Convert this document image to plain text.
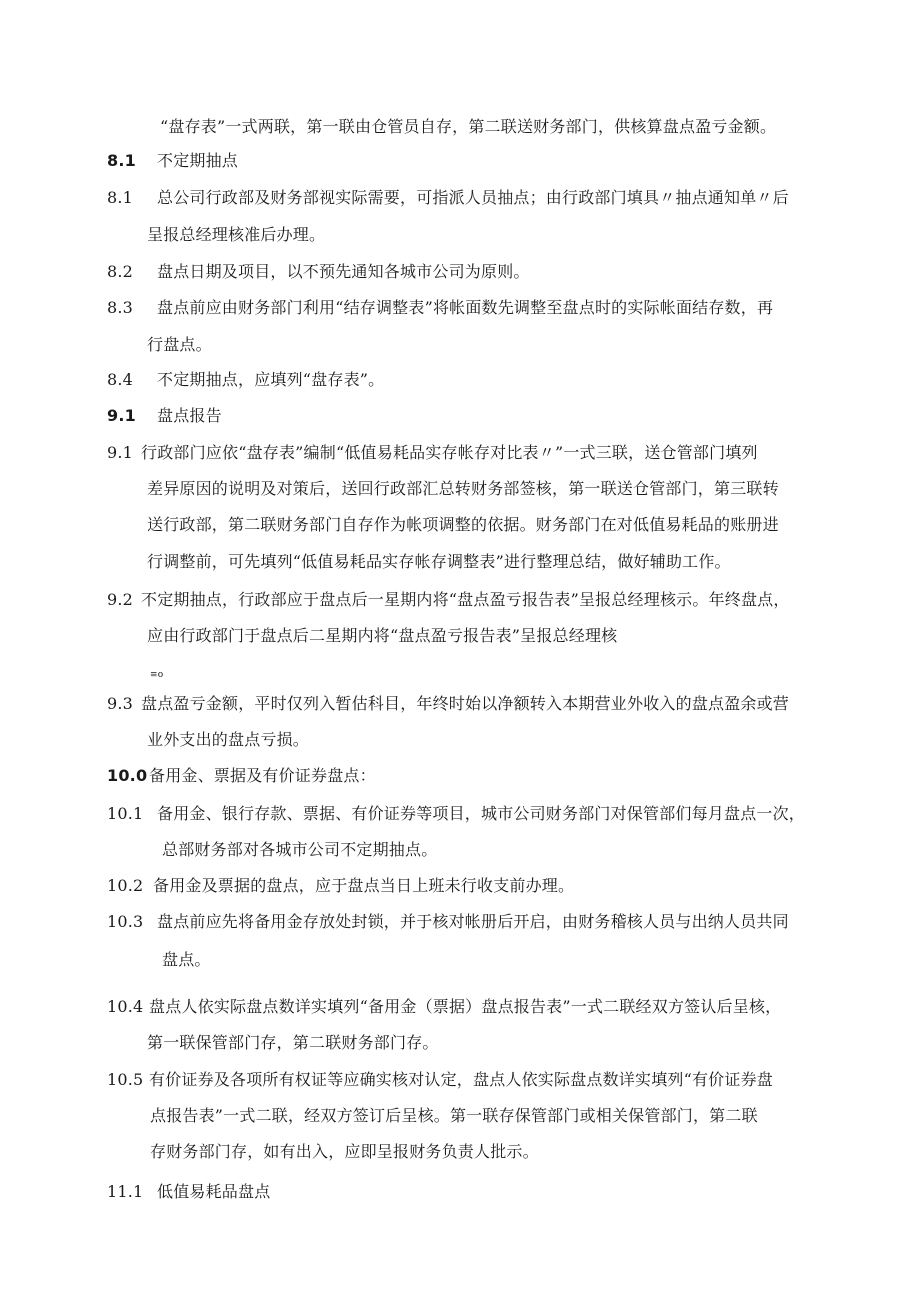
“盘存表”一式两联，第一联由仓管员自存，第二联送财务部门，供核算盘点盈亏金额。
8.1 不定期抽点
8.1 总公司行政部及财务部视实际需要，可指派人员抽点；由行政部门填具〃抽点通知单〃后
呈报总经理核准后办理。
8.2 盘点日期及项目，以不预先通知各城市公司为原则。
8.3 盘点前应由财务部门利用“结存调整表”将帐面数先调整至盘点时的实际帐面结存数，再
行盘点。
8.4 不定期抽点，应填列“盘存表”。
9.1 盘点报告
9.1 行政部门应依“盘存表”编制“低值易耗品实存帐存对比表〃”一式三联，送仓管部门填列
差异原因的说明及对策后，送回行政部汇总转财务部签核，第一联送仓管部门，第三联转
送行政部，第二联财务部门自存作为帐项调整的依据。财务部门在对低值易耗品的账册进
行调整前，可先填列“低值易耗品实存帐存调整表”进行整理总结，做好辅助工作。
9.2 不定期抽点，行政部应于盘点后一星期内将“盘点盈亏报告表”呈报总经理核示。年终盘点，
应由行政部门于盘点后二星期内将“盘点盈亏报告表”呈报总经理核
≡o
9.3 盘点盈亏金额，平时仅列入暂估科目，年终时始以净额转入本期营业外收入的盘点盈余或营
业外支出的盘点亏损。
10.0 备用金、票据及有价证券盘点：
10.1 备用金、银行存款、票据、有价证券等项目，城市公司财务部门对保管部们每月盘点一次，
总部财务部对各城市公司不定期抽点。
10.2 备用金及票据的盘点，应于盘点当日上班未行收支前办理。
10.3 盘点前应先将备用金存放处封锁，并于核对帐册后开启，由财务稽核人员与出纳人员共同
盘点。
10.4 盘点人依实际盘点数详实填列“备用金（票据）盘点报告表”一式二联经双方签认后呈核，
第一联保管部门存，第二联财务部门存。
10.5 有价证券及各项所有权证等应确实核对认定，盘点人依实际盘点数详实填列“有价证券盘
点报告表”一式二联，经双方签订后呈核。第一联存保管部门或相关保管部门，第二联
存财务部门存，如有出入，应即呈报财务负责人批示。
11.1 低值易耗品盘点
